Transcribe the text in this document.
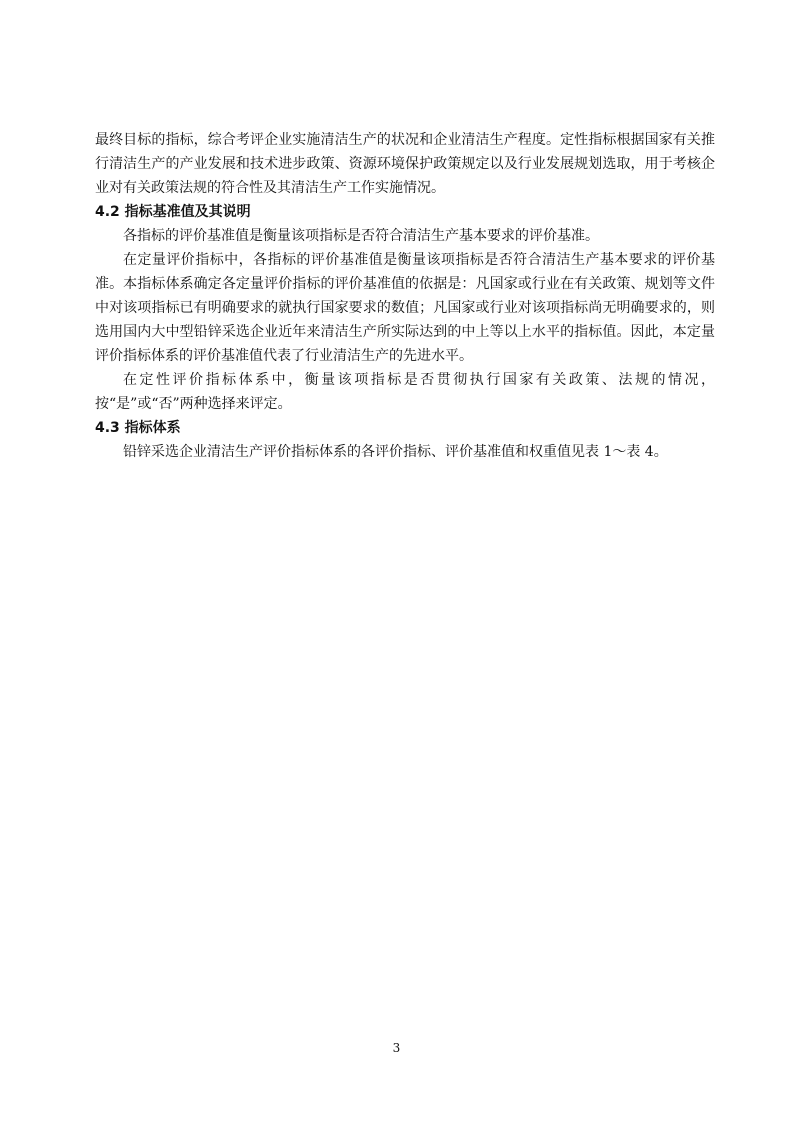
最终目标的指标，综合考评企业实施清洁生产的状况和企业清洁生产程度。定性指标根据国家有关推行清洁生产的产业发展和技术进步政策、资源环境保护政策规定以及行业发展规划选取，用于考核企业对有关政策法规的符合性及其清洁生产工作实施情况。

4.2 指标基准值及其说明

各指标的评价基准值是衡量该项指标是否符合清洁生产基本要求的评价基准。

在定量评价指标中，各指标的评价基准值是衡量该项指标是否符合清洁生产基本要求的评价基准。本指标体系确定各定量评价指标的评价基准值的依据是：凡国家或行业在有关政策、规划等文件中对该项指标已有明确要求的就执行国家要求的数值；凡国家或行业对该项指标尚无明确要求的，则选用国内大中型铅锌采选企业近年来清洁生产所实际达到的中上等以上水平的指标值。因此，本定量评价指标体系的评价基准值代表了行业清洁生产的先进水平。

在定性评价指标体系中，衡量该项指标是否贯彻执行国家有关政策、法规的情况，按“是”或“否”两种选择来评定。

4.3 指标体系

铅锌采选企业清洁生产评价指标体系的各评价指标、评价基准值和权重值见表 1～表 4。

3
